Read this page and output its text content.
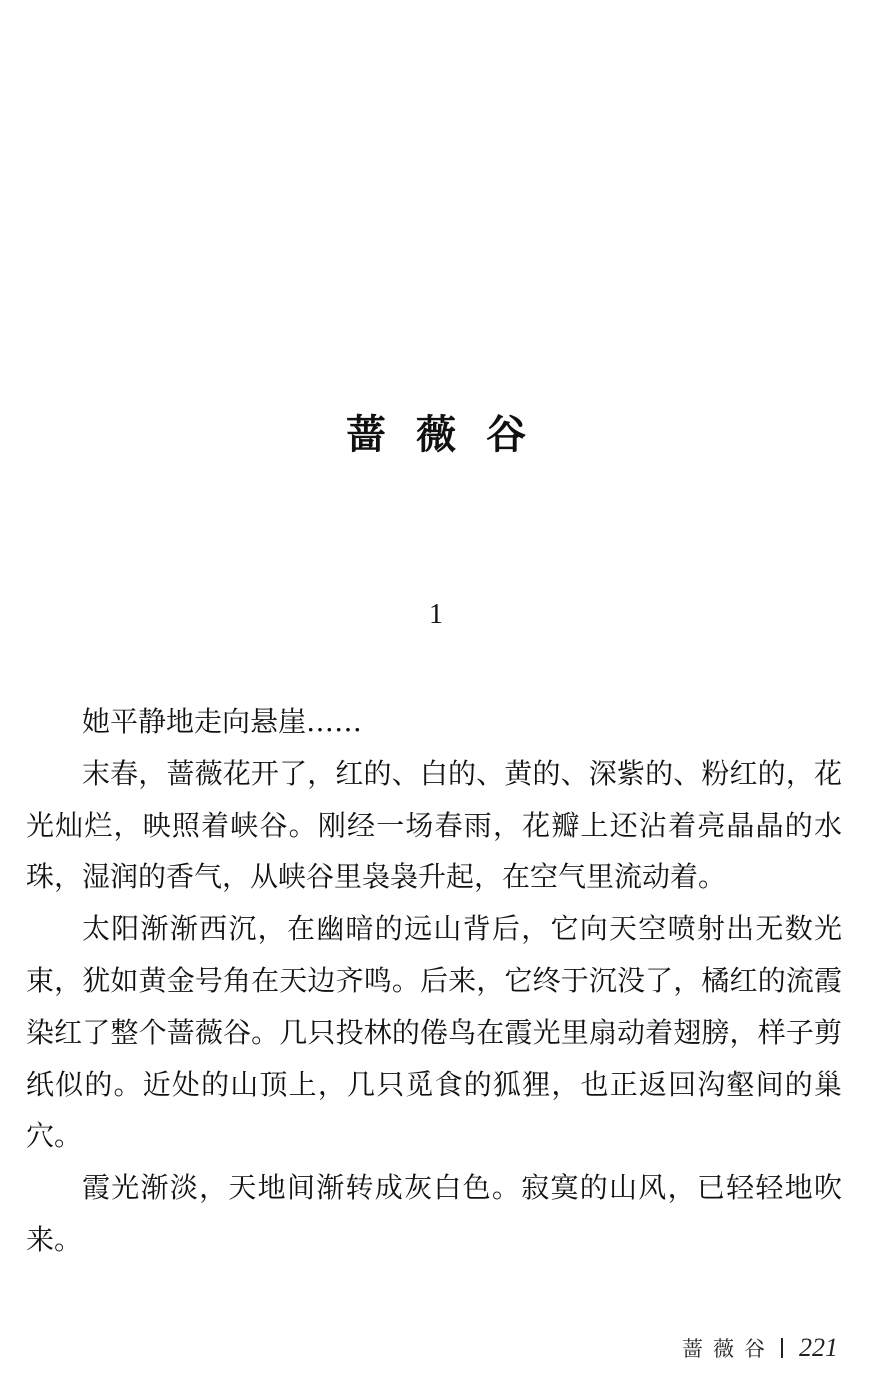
蔷 薇 谷
1

她平静地走向悬崖……

末春，蔷薇花开了，红的、白的、黄的、深紫的、粉红的，花光灿烂，映照着峡谷。刚经一场春雨，花瓣上还沾着亮晶晶的水珠，湿润的香气，从峡谷里袅袅升起，在空气里流动着。

太阳渐渐西沉，在幽暗的远山背后，它向天空喷射出无数光束，犹如黄金号角在天边齐鸣。后来，它终于沉没了，橘红的流霞染红了整个蔷薇谷。几只投林的倦鸟在霞光里扇动着翅膀，样子剪纸似的。近处的山顶上，几只觅食的狐狸，也正返回沟壑间的巢穴。

霞光渐淡，天地间渐转成灰白色。寂寞的山风，已轻轻地吹来。

蔷薇谷 221
